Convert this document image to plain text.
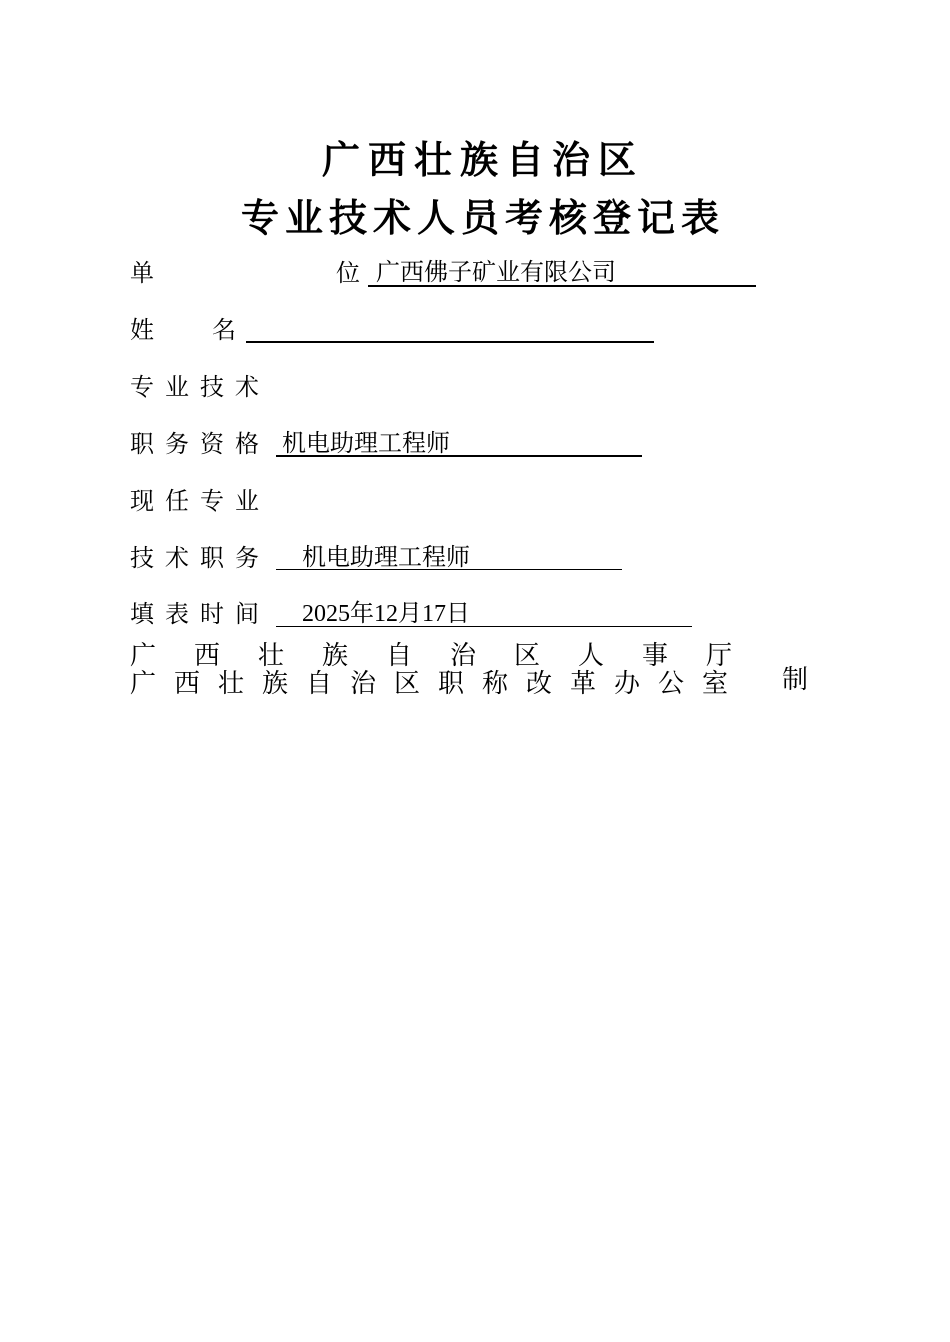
广西壮族自治区
专业技术人员考核登记表
单	位 广西佛子矿业有限公司
姓 名
专业技术
职务资格 机电助理工程师
现任专业
技术职务 机电助理工程师
填表时间 2025年12月17日
广 西 壮 族 自 治 区 人 事 厅
广 西 壮 族 自 治 区 职 称 改 革 办 公 室 制
